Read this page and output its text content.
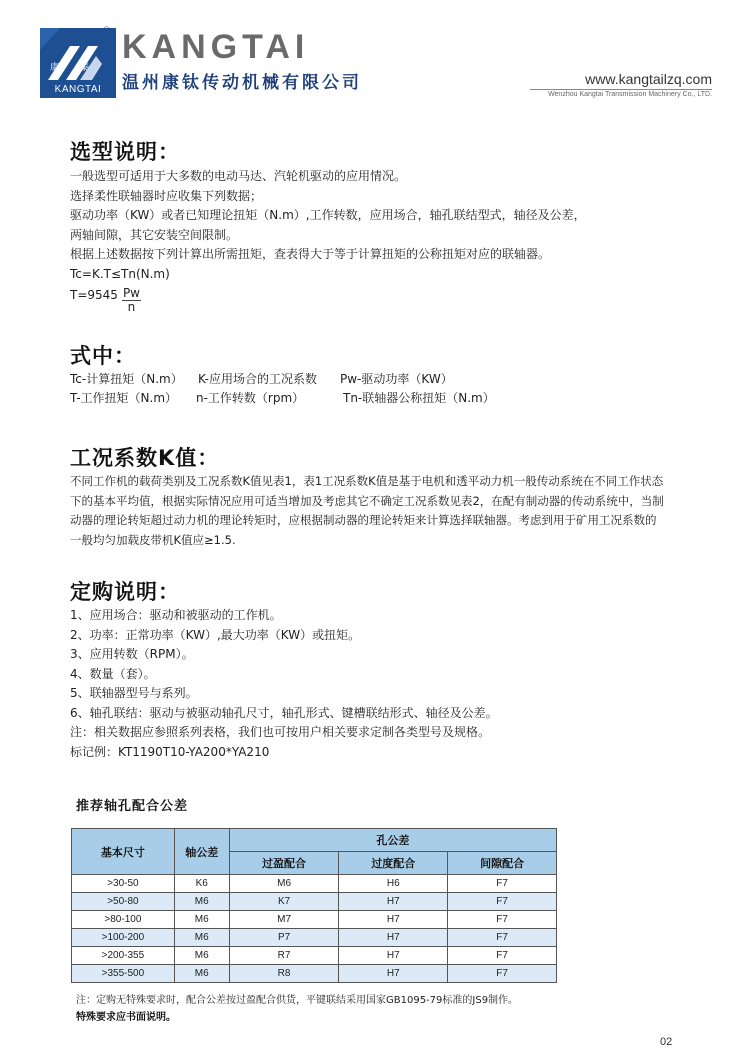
®
康 泰
KANGTAI
KANGTAI
温州康钛传动机械有限公司	www.kangtailzq.com
Wenzhou Kangtai Transmission Machinery Co., LTD.
选型说明：
一般选型可适用于大多数的电动马达、汽轮机驱动的应用情况。
选择柔性联轴器时应收集下列数据；
驱动功率（KW）或者已知理论扭矩（N.m）,工作转数，应用场合，轴孔联结型式，轴径及公差，
两轴间隙，其它安装空间限制。
根据上述数据按下列计算出所需扭矩，查表得大于等于计算扭矩的公称扭矩对应的联轴器。
Tc=K.T≤Tn(N.m)
$T=9545 \frac{Pw}{n}$
式中：
Tc-计算扭矩（N.m） K-应用场合的工况系数 Pw-驱动功率（KW）
T-工作扭矩（N.m） n-工作转数（rpm）	Tn-联轴器公称扭矩（N.m）
工况系数K值：
不同工作机的载荷类别及工况系数K值见表1，表1工况系数K值是基于电机和透平动力机一般传动系统在不同工作状态
下的基本平均值，根据实际情况应用可适当增加及考虑其它不确定工况系数见表2，在配有制动器的传动系统中，当制
动器的理论转矩超过动力机的理论转矩时，应根据制动器的理论转矩来计算选择联轴器。考虑到用于矿用工况系数的
一般均匀加载皮带机K值应≥1.5.
定购说明：
1、应用场合：驱动和被驱动的工作机。
2、功率：正常功率（KW）,最大功率（KW）或扭矩。
3、应用转数（RPM）。
4、数量（套）。
5、联轴器型号与系列。
6、轴孔联结：驱动与被驱动轴孔尺寸，轴孔形式、键槽联结形式、轴径及公差。
注：相关数据应参照系列表格，我们也可按用户相关要求定制各类型号及规格。
标记例：KT1190T10-YA200*YA210
推荐轴孔配合公差
基本尺寸	轴公差	孔公差		
		过盈配合	过度配合	间隙配合
>30-50	K6	M6	H6	F7
>50-80	M6	K7	H7	F7
>80-100	M6	M7	H7	F7
>100-200	M6	P7	H7	F7
>200-355	M6	R7	H7	F7
>355-500	M6	R8	H7	F7
注：定购无特殊要求时，配合公差按过盈配合供货，平键联结采用国家GB1095-79标准的JS9制作。
特殊要求应书面说明。
02
